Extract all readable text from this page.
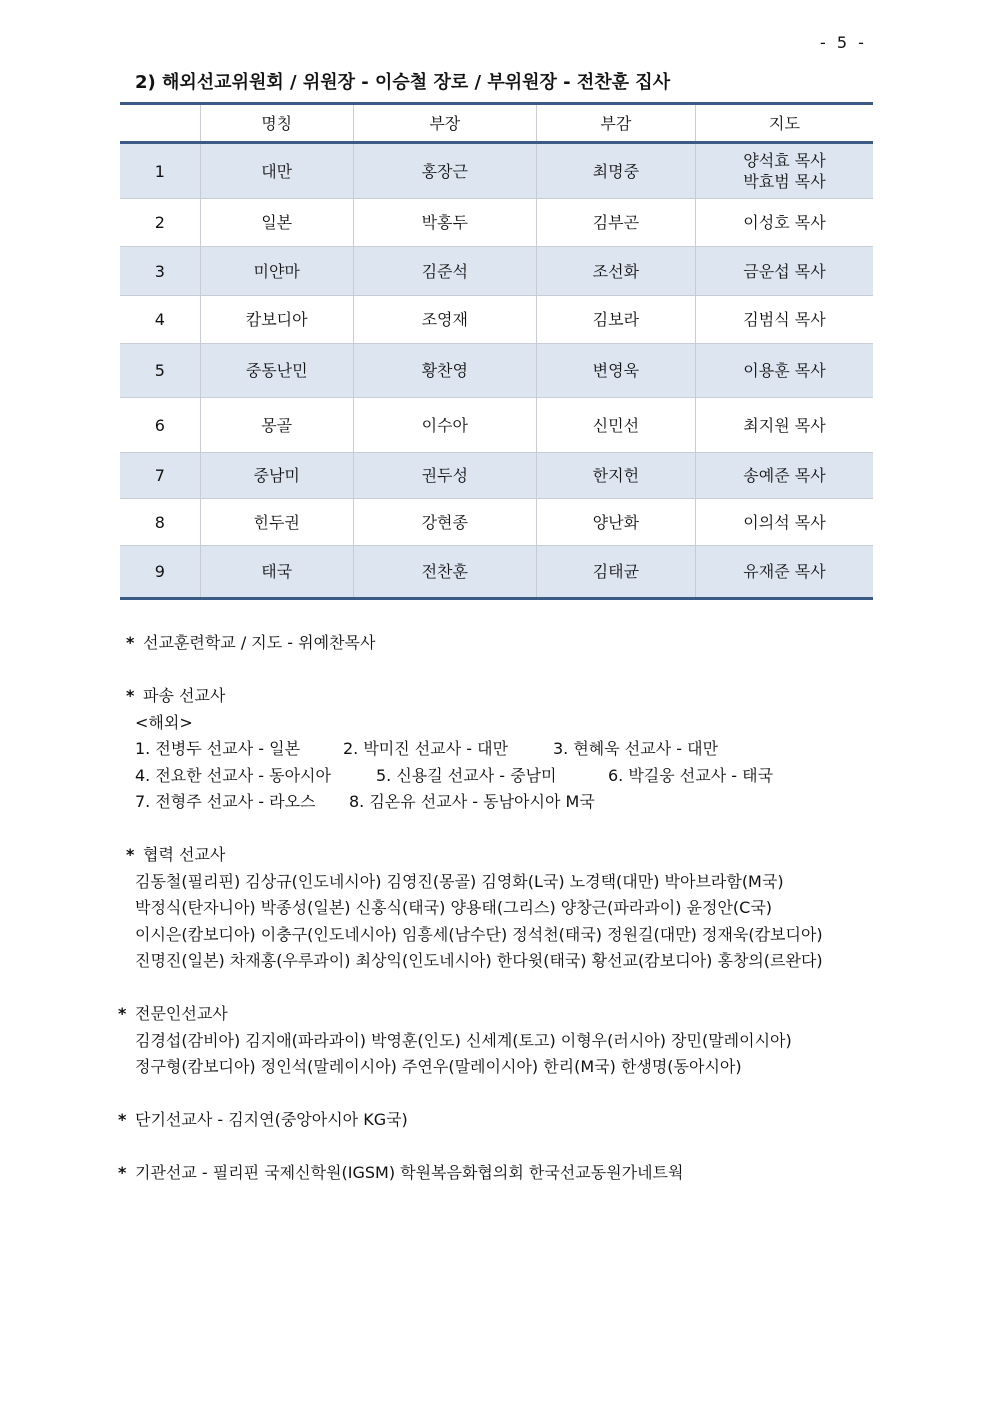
- 5 -
2) 해외선교위원회 / 위원장 - 이승철 장로 / 부위원장 - 전찬훈 집사
	명칭	부장	부감	지도
1	대만	홍장근	최명중	양석효 목사
박효범 목사

2	일본	박홍두	김부곤	이성호 목사
3	미얀마	김준석	조선화	금운섭 목사
4	캄보디아	조영재	김보라	김범식 목사
5	중동난민	황찬영	변영욱	이용훈 목사
6	몽골	이수아	신민선	최지원 목사
7	중남미	권두성	한지헌	송예준 목사
8	힌두권	강현종	양난화	이의석 목사
9	태국	전찬훈	김태균	유재준 목사
* 선교훈련학교 / 지도 - 위예찬목사
* 파송 선교사
<해외>
1. 전병두 선교사 - 일본	2. 박미진 선교사 - 대만	3. 현혜욱 선교사 - 대만
4. 전요한 선교사 - 동아시아	5. 신용길 선교사 - 중남미	6. 박길웅 선교사 - 태국
7. 전형주 선교사 - 라오스 8. 김온유 선교사 - 동남아시아 M국
* 협력 선교사
김동철(필리핀) 김상규(인도네시아) 김영진(몽골) 김영화(L국) 노경택(대만) 박아브라함(M국)
박정식(탄자니아) 박종성(일본) 신홍식(태국) 양용태(그리스) 양창근(파라과이) 윤정안(C국)
이시은(캄보디아) 이충구(인도네시아) 임흥세(남수단) 정석천(태국) 정원길(대만) 정재욱(캄보디아)
진명진(일본) 차재홍(우루과이) 최상익(인도네시아) 한다윗(태국) 황선교(캄보디아) 홍창의(르완다)
* 전문인선교사
김경섭(감비아) 김지애(파라과이) 박영훈(인도) 신세계(토고) 이형우(러시아) 장민(말레이시아)
정구형(캄보디아) 정인석(말레이시아) 주연우(말레이시아) 한리(M국) 한생명(동아시아)
* 단기선교사 - 김지연(중앙아시아 KG국)
* 기관선교 - 필리핀 국제신학원(IGSM) 학원복음화협의회 한국선교동원가네트웍
